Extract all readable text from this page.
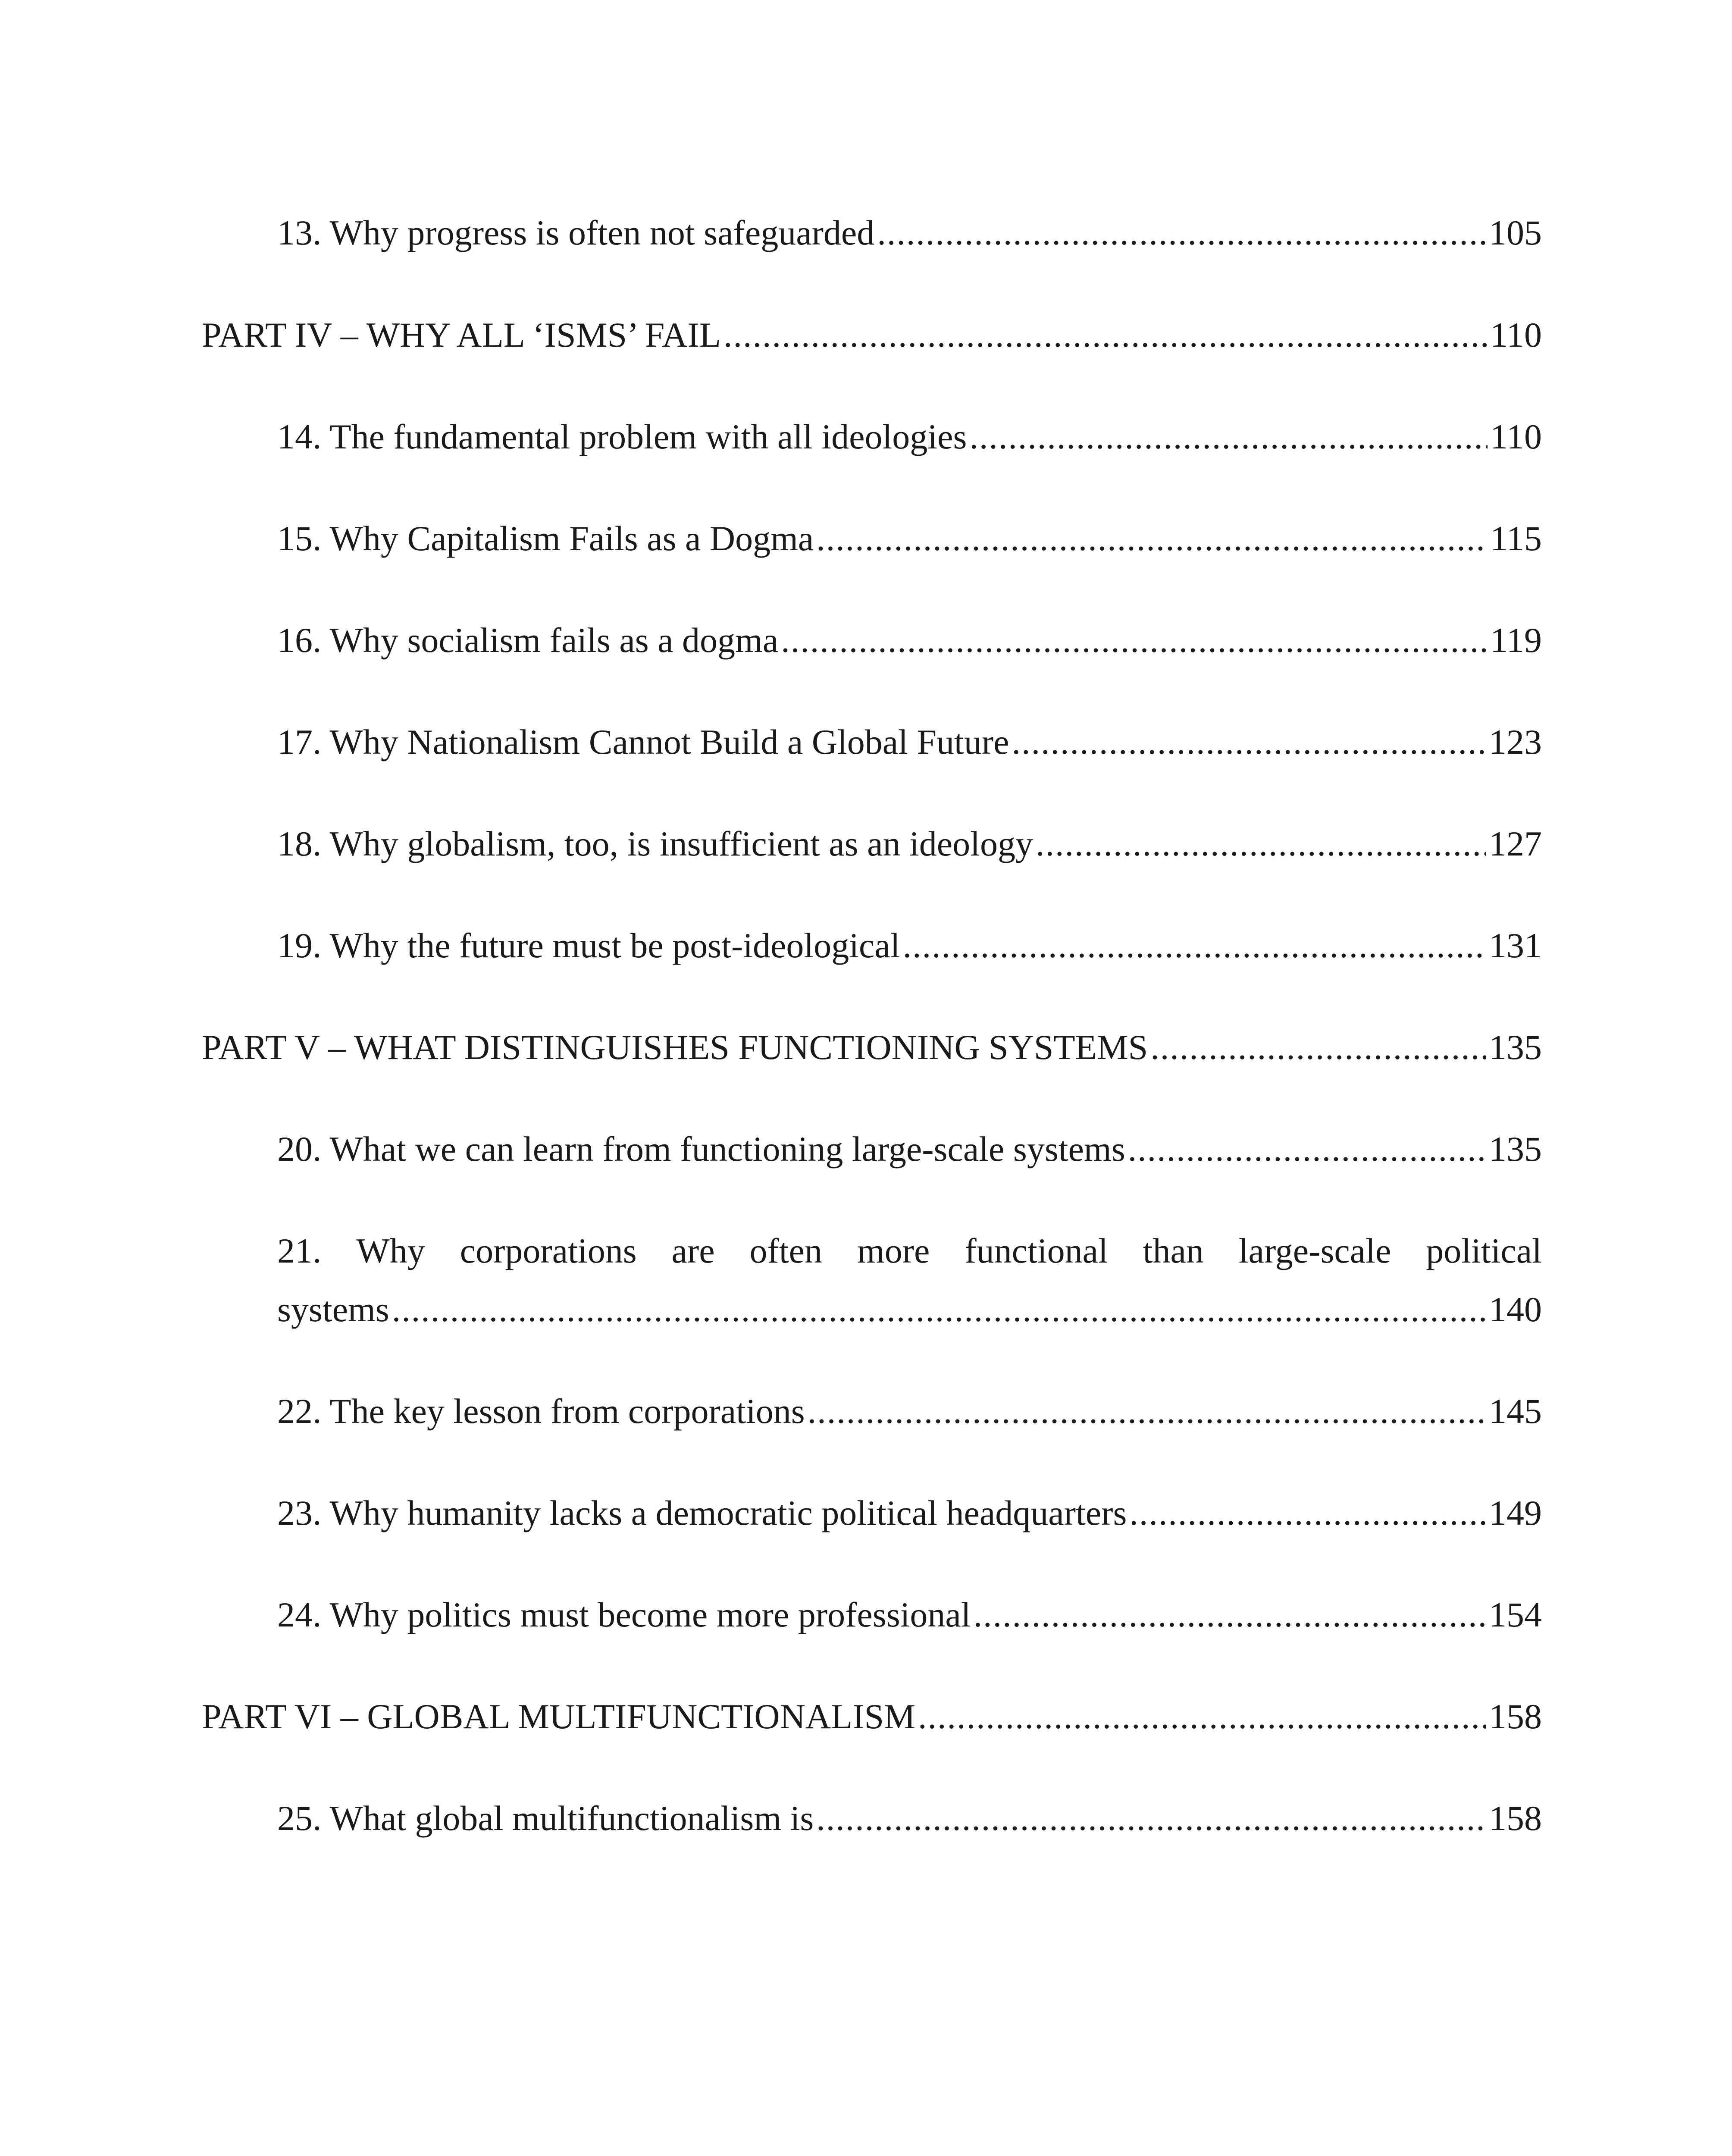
13. Why progress is often not safeguarded .....	105
PART IV – WHY ALL ‘ISMS’ FAIL .....	110
14. The fundamental problem with all ideologies .....	110
15. Why Capitalism Fails as a Dogma .....	115
16. Why socialism fails as a dogma .....	119
17. Why Nationalism Cannot Build a Global Future .....	123
18. Why globalism, too, is insufficient as an ideology .....	127
19. Why the future must be post-ideological .....	131
PART V – WHAT DISTINGUISHES FUNCTIONING SYSTEMS .....	135
20. What we can learn from functioning large-scale systems .....	135
21. Why corporations are often more functional than large-scale political
systems .....	140
22. The key lesson from corporations .....	145
23. Why humanity lacks a democratic political headquarters .....	149
24. Why politics must become more professional .....	154
PART VI – GLOBAL MULTIFUNCTIONALISM .....	158
25. What global multifunctionalism is .....	158
